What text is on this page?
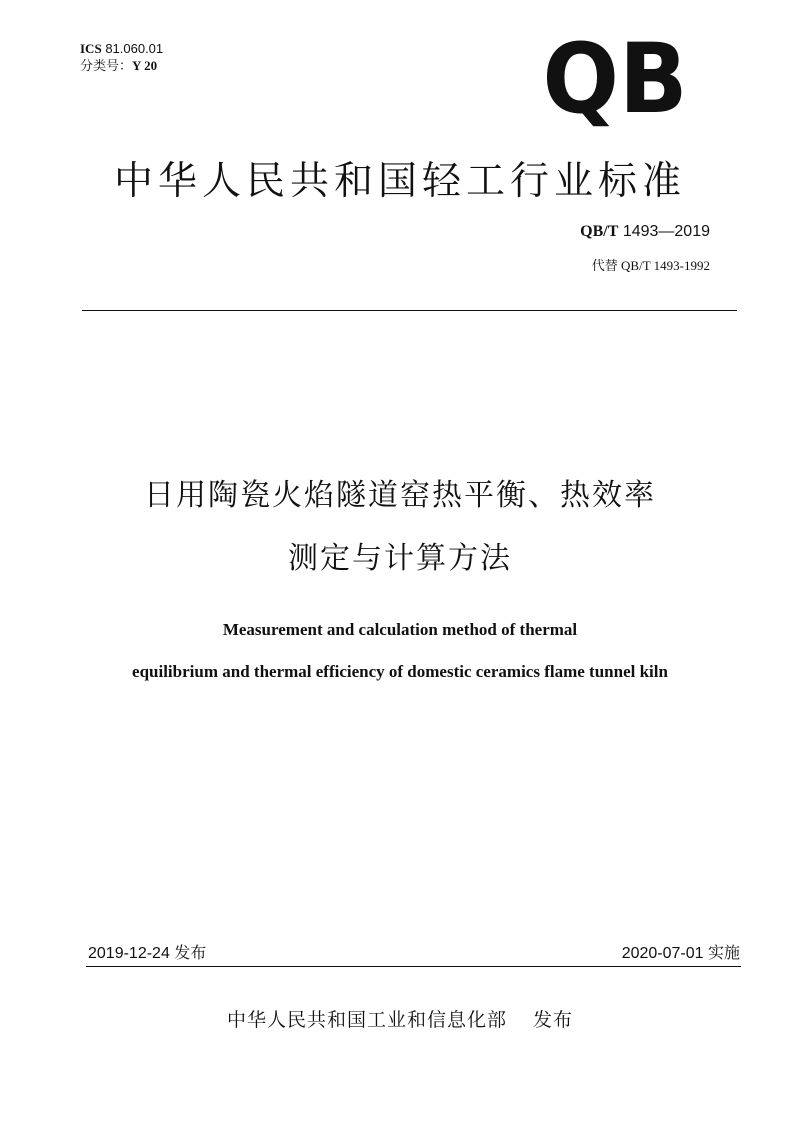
ICS 81.060.01
分类号：Y 20	QB
中华人民共和国轻工行业标准
QB/T 1493—2019
代替 QB/T 1493-1992
日用陶瓷火焰隧道窑热平衡、热效率
测定与计算方法
Measurement and calculation method of thermal
equilibrium and thermal efficiency of domestic ceramics flame tunnel kiln
2019-12-24 发布	2020-07-01 实施
中华人民共和国工业和信息化部 发布
